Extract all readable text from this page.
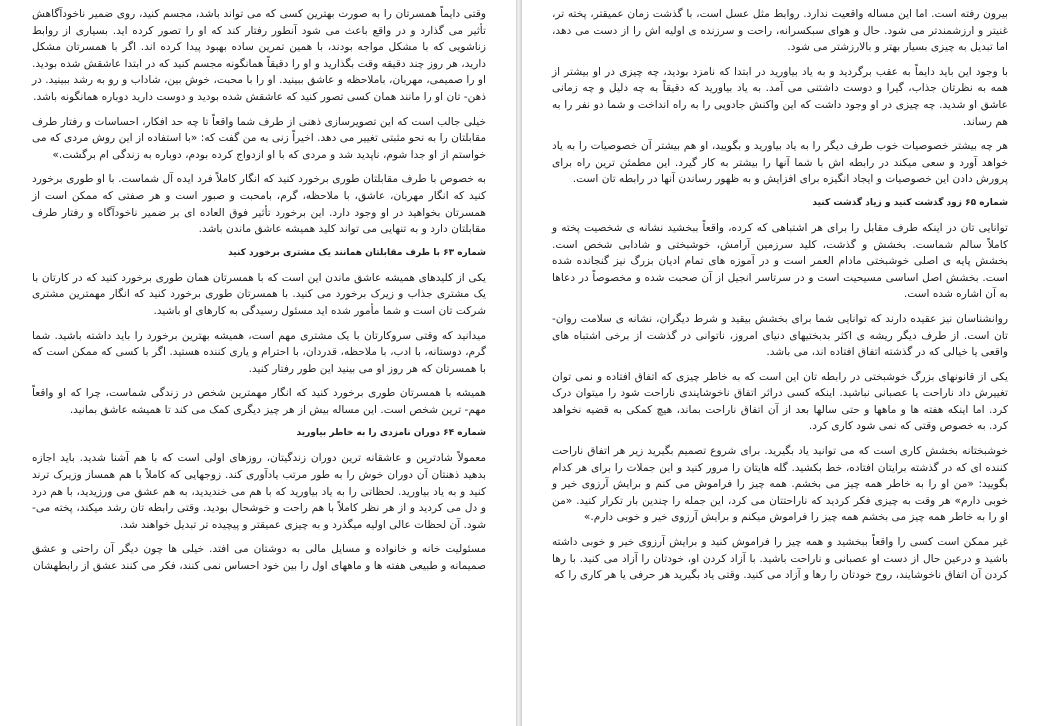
وقتی دایماً همسرتان را به صورت بهترین کسی که می تواند باشد، مجسم کنید، روی ضمیر ناخودآگاهش تأثیر می گذارد و در واقع باعث می شود آنطور رفتار کند که او را تصور کرده اید. بسیاری از روابط زناشویی که با مشکل مواجه بودند، با همین تمرین ساده بهبود پیدا کرده اند. اگر با همسرتان مشکل دارید، هر روز چند دقیقه وقت بگذارید و او را دقیقاً همانگونه مجسم کنید که در ابتدا عاشقش شده بودید. او را صمیمی، مهربان، باملاحظه و عاشق ببینید. او را با محبت، خوش بین، شاداب و رو به رشد ببینید. در ذهن- تان او را مانند همان کسی تصور کنید که عاشقش شده بودید و دوست دارید دوباره همانگونه باشد.

خیلی جالب است که این تصویرسازی ذهنی از طرف شما واقعاً تا چه حد افکار، احساسات و رفتار طرف مقابلتان را به نحو مثبتی تغییر می دهد. اخیراً زنی به من گفت که: «با استفاده از این روش مردی که می خواستم از او جدا شوم، ناپدید شد و مردی که با او ازدواج کرده بودم، دوباره به زندگی ام برگشت.»

به خصوص با طرف مقابلتان طوری برخورد کنید که انگار کاملاً فرد ایده آل شماست. با او طوری برخورد کنید که انگار مهربان، عاشق، با ملاحظه، گرم، بامحبت و صبور است و هر صفتی که ممکن است از همسرتان بخواهید در او وجود دارد. این برخورد تأثیر فوق العاده ای بر ضمیر ناخودآگاه و رفتار طرف مقابلتان دارد و به تنهایی می تواند کلید همیشه عاشق ماندن باشد.

شماره ۶۳ با طرف مقابلتان همانند یک مشتری برخورد کنید

یکی از کلیدهای همیشه عاشق ماندن این است که با همسرتان همان طوری برخورد کنید که در کارتان با یک مشتری جذاب و زیرک برخورد می کنید. با همسرتان طوری برخورد کنید که انگار مهمترین مشتری شرکت تان است و شما مأمور شده اید مسئول رسیدگی به کارهای او باشید.

میدانید که وقتی سروکارتان با یک مشتری مهم است، همیشه بهترین برخورد را باید داشته باشید. شما گرم، دوستانه، با ادب، با ملاحظه، قدردان، با احترام و یاری کننده هستید. اگر با کسی که ممکن است که با همسرتان که هر روز او می بینید این طور رفتار کنید.

همیشه با همسرتان طوری برخورد کنید که انگار مهمترین شخص در زندگی شماست، چرا که او واقعاً مهم- ترین شخص است. این مساله بیش از هر چیز دیگری کمک می کند تا همیشه عاشق بمانید.

شماره ۶۴ دوران نامزدی را به خاطر بیاورید

معمولاً شادترین و عاشقانه ترین دوران زندگیتان، روزهای اولی است که با هم آشنا شدید. باید اجازه بدهید ذهنتان آن دوران خوش را به طور مرتب یادآوری کند. زوجهایی که کاملاً با هم همساز وزیرک ترند کنید و به یاد بیاورید. لحظاتی را به یاد بیاورید که با هم می خندیدید، به هم عشق می ورزیدید، با هم درد و دل می کردید و از هر نظر کاملاً با هم راحت و خوشحال بودید. وقتی رابطه تان رشد میکند، پخته می- شود. آن لحظات عالی اولیه میگذرد و به چیزی عمیقتر و پیچیده تر تبدیل خواهند شد.

مسئولیت خانه و خانواده و مسایل مالی به دوشتان می افتد. خیلی ها چون دیگر آن راحتی و عشق صمیمانه و طبیعی هفته ها و ماههای اول را بین خود احساس نمی کنند، فکر می کنند عشق از رابطهشان

بیرون رفته است. اما این مساله واقعیت ندارد. روابط مثل عسل است، با گذشت زمان عمیقتر، پخته تر، غنیتر و ارزشمندتر می شود. حال و هوای سبکسرانه، راحت و سرزنده ی اولیه اش را از دست می دهد، اما تبدیل به چیزی بسیار بهتر و بالارزشتر می شود.

با وجود این باید دایماً به عقب برگردید و به یاد بیاورید در ابتدا که نامزد بودید، چه چیزی در او بیشتر از همه به نظرتان جذاب، گیرا و دوست داشتنی می آمد. به یاد بیاورید که دقیقاً به چه دلیل و چه زمانی عاشق او شدید. چه چیزی در او وجود داشت که این واکنش جادویی را به راه انداخت و شما دو نفر را به هم رساند.

هر چه بیشتر خصوصیات خوب طرف دیگر را به یاد بیاورید و بگویید، او هم بیشتر آن خصوصیات را به یاد خواهد آورد و سعی میکند در رابطه اش با شما آنها را بیشتر به کار گیرد. این مطمئن ترین راه برای پرورش دادن این خصوصیات و ایجاد انگیزه برای افزایش و به ظهور رساندن آنها در رابطه تان است.

شماره ۶۵ زود گذشت کنید و زیاد گذشت کنید

توانایی تان در اینکه طرف مقابل را برای هر اشتباهی که کرده، واقعاً ببخشید نشانه ی شخصیت پخته و کاملاً سالم شماست. بخشش و گذشت، کلید سرزمین آرامش، خوشبختی و شادابی شخص است. بخشش پایه ی اصلی خوشبختی مادام العمر است و در آموزه های تمام ادیان بزرگ نیز گنجانده شده است. بخشش اصل اساسی مسیحیت است و در سرتاسر انجیل از آن صحبت شده و مخصوصاً در دعاها به آن اشاره شده است.

روانشناسان نیز عقیده دارند که توانایی شما برای بخشش بیقید و شرط دیگران، نشانه ی سلامت روان- تان است. از طرف دیگر ریشه ی اکثر بدبختیهای دنیای امروز، ناتوانی در گذشت از برخی اشتباه های واقعی یا خیالی که در گذشته اتفاق افتاده اند، می باشد.

یکی از قانونهای بزرگ خوشبختی در رابطه تان این است که به خاطر چیزی که اتفاق افتاده و نمی توان تغییرش داد ناراحت یا عصبانی نباشید. اینکه کسی دراثر اتفاق ناخوشایندی ناراحت شود را میتوان درک کرد. اما اینکه هفته ها و ماهها و حتی سالها بعد از آن اتفاق ناراحت بماند، هیچ کمکی به قضیه نخواهد کرد. به خصوص وقتی که نمی شود کاری کرد.

خوشبختانه بخشش کاری است که می توانید یاد بگیرید. برای شروع تصمیم بگیرید زیر هر اتفاق ناراحت کننده ای که در گذشته برایتان افتاده، خط بکشید. گله هایتان را مرور کنید و این جملات را برای هر کدام بگویید: «من او را به خاطر همه چیز می بخشم. همه چیز را فراموش می کنم و برایش آرزوی خیر و خوبی دارم» هر وقت به چیزی فکر کردید که ناراحتتان می کرد، این جمله را چندین بار تکرار کنید. «من او را به خاطر همه چیز می بخشم همه چیز را فراموش میکنم و برایش آرزوی خیر و خوبی دارم.»

غیر ممکن است کسی را واقعاً ببخشید و همه چیز را فراموش کنید و برایش آرزوی خیر و خوبی داشته باشید و درعین حال از دست او عصبانی و ناراحت باشید. با آزاد کردن او، خودتان را آزاد می کنید. با رها کردن آن اتفاق ناخوشایند، روح خودتان را رها و آزاد می کنید. وقتی یاد بگیرید هر حرفی یا هر کاری را که
